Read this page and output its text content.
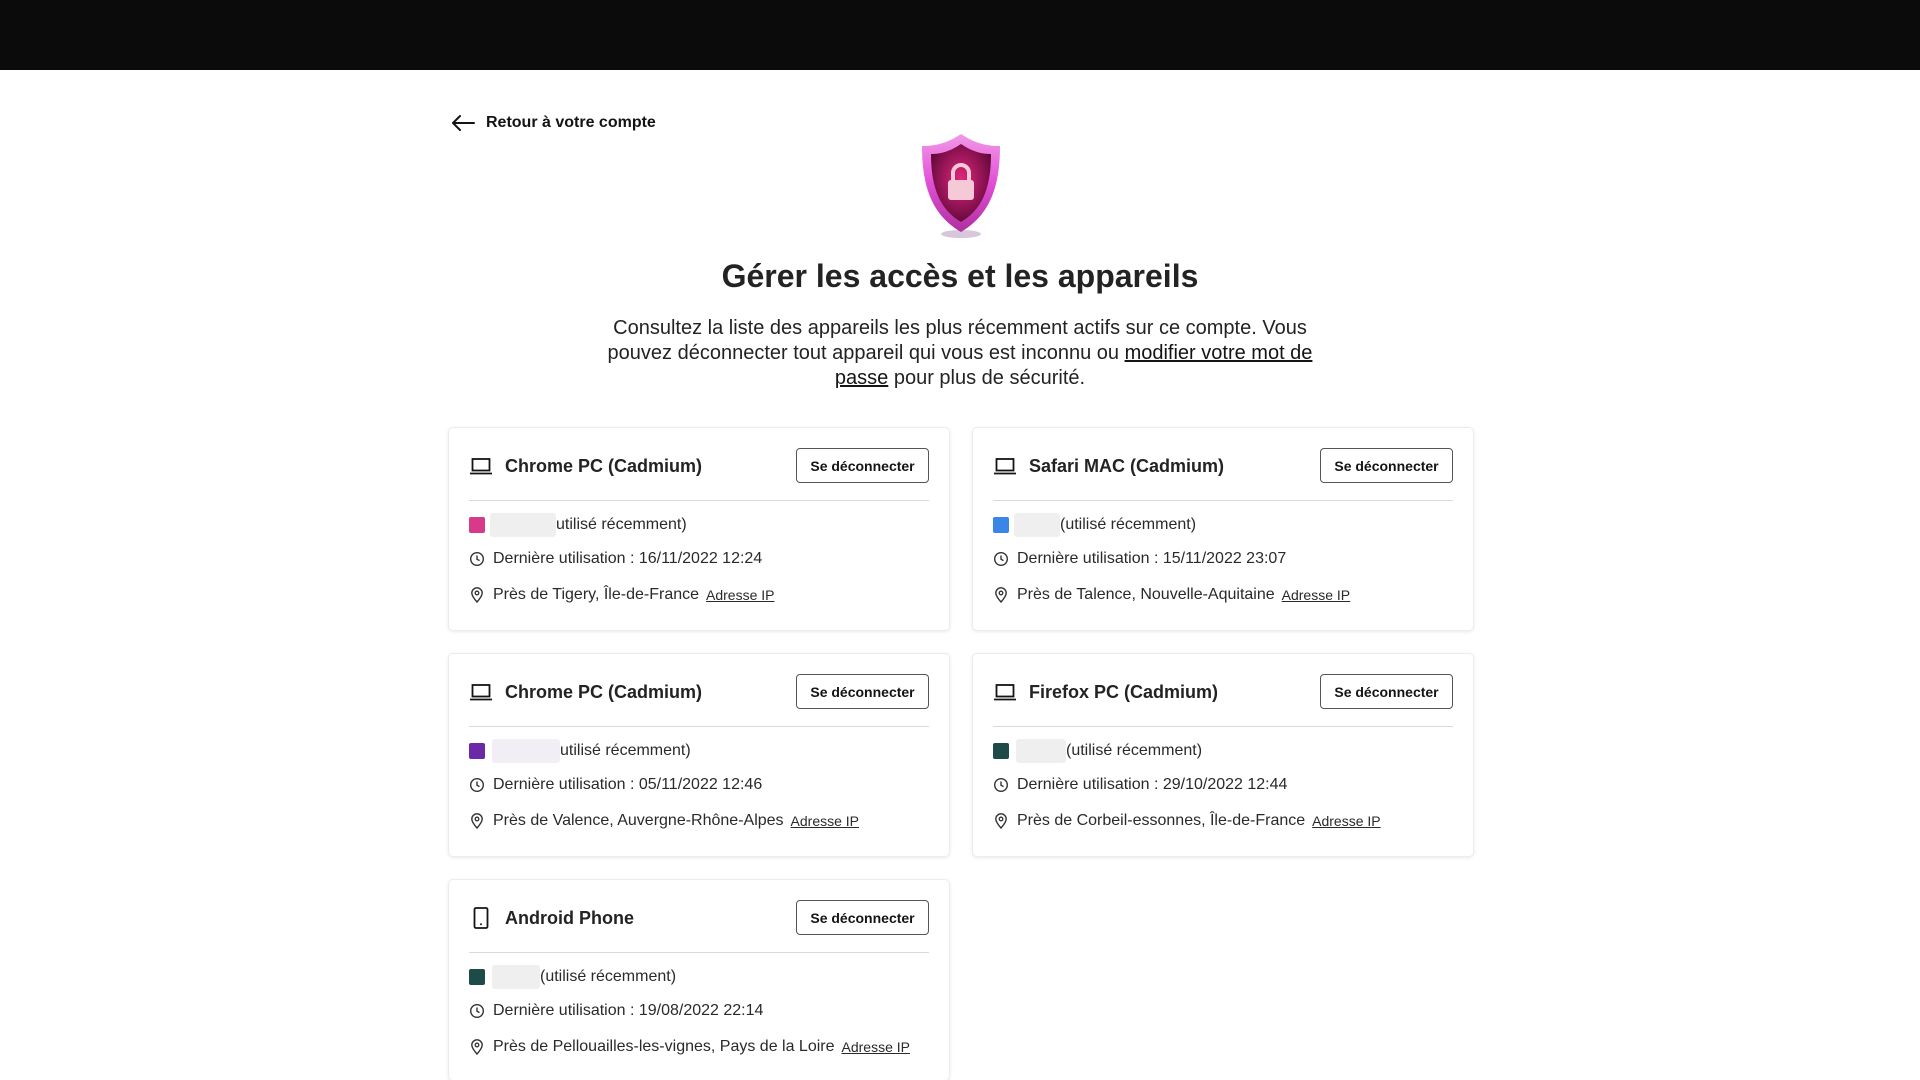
Retour à votre compte
Gérer les accès et les appareils

Consultez la liste des appareils les plus récemment actifs sur ce compte. Vous pouvez déconnecter tout appareil qui vous est inconnu ou modifier votre mot de passe pour plus de sécurité.

Chrome PC (Cadmium)	Se déconnecter
utilisé récemment)
Dernière utilisation : 16/11/2022 12:24
Près de Tigery, Île-de-France Adresse IP
Safari MAC (Cadmium)	Se déconnecter
(utilisé récemment)
Dernière utilisation : 15/11/2022 23:07
Près de Talence, Nouvelle-Aquitaine Adresse IP
Chrome PC (Cadmium)	Se déconnecter
utilisé récemment)
Dernière utilisation : 05/11/2022 12:46
Près de Valence, Auvergne-Rhône-Alpes Adresse IP
Firefox PC (Cadmium)	Se déconnecter
(utilisé récemment)
Dernière utilisation : 29/10/2022 12:44
Près de Corbeil-essonnes, Île-de-France Adresse IP
Android Phone	Se déconnecter
(utilisé récemment)
Dernière utilisation : 19/08/2022 22:14
Près de Pellouailles-les-vignes, Pays de la Loire Adresse IP
